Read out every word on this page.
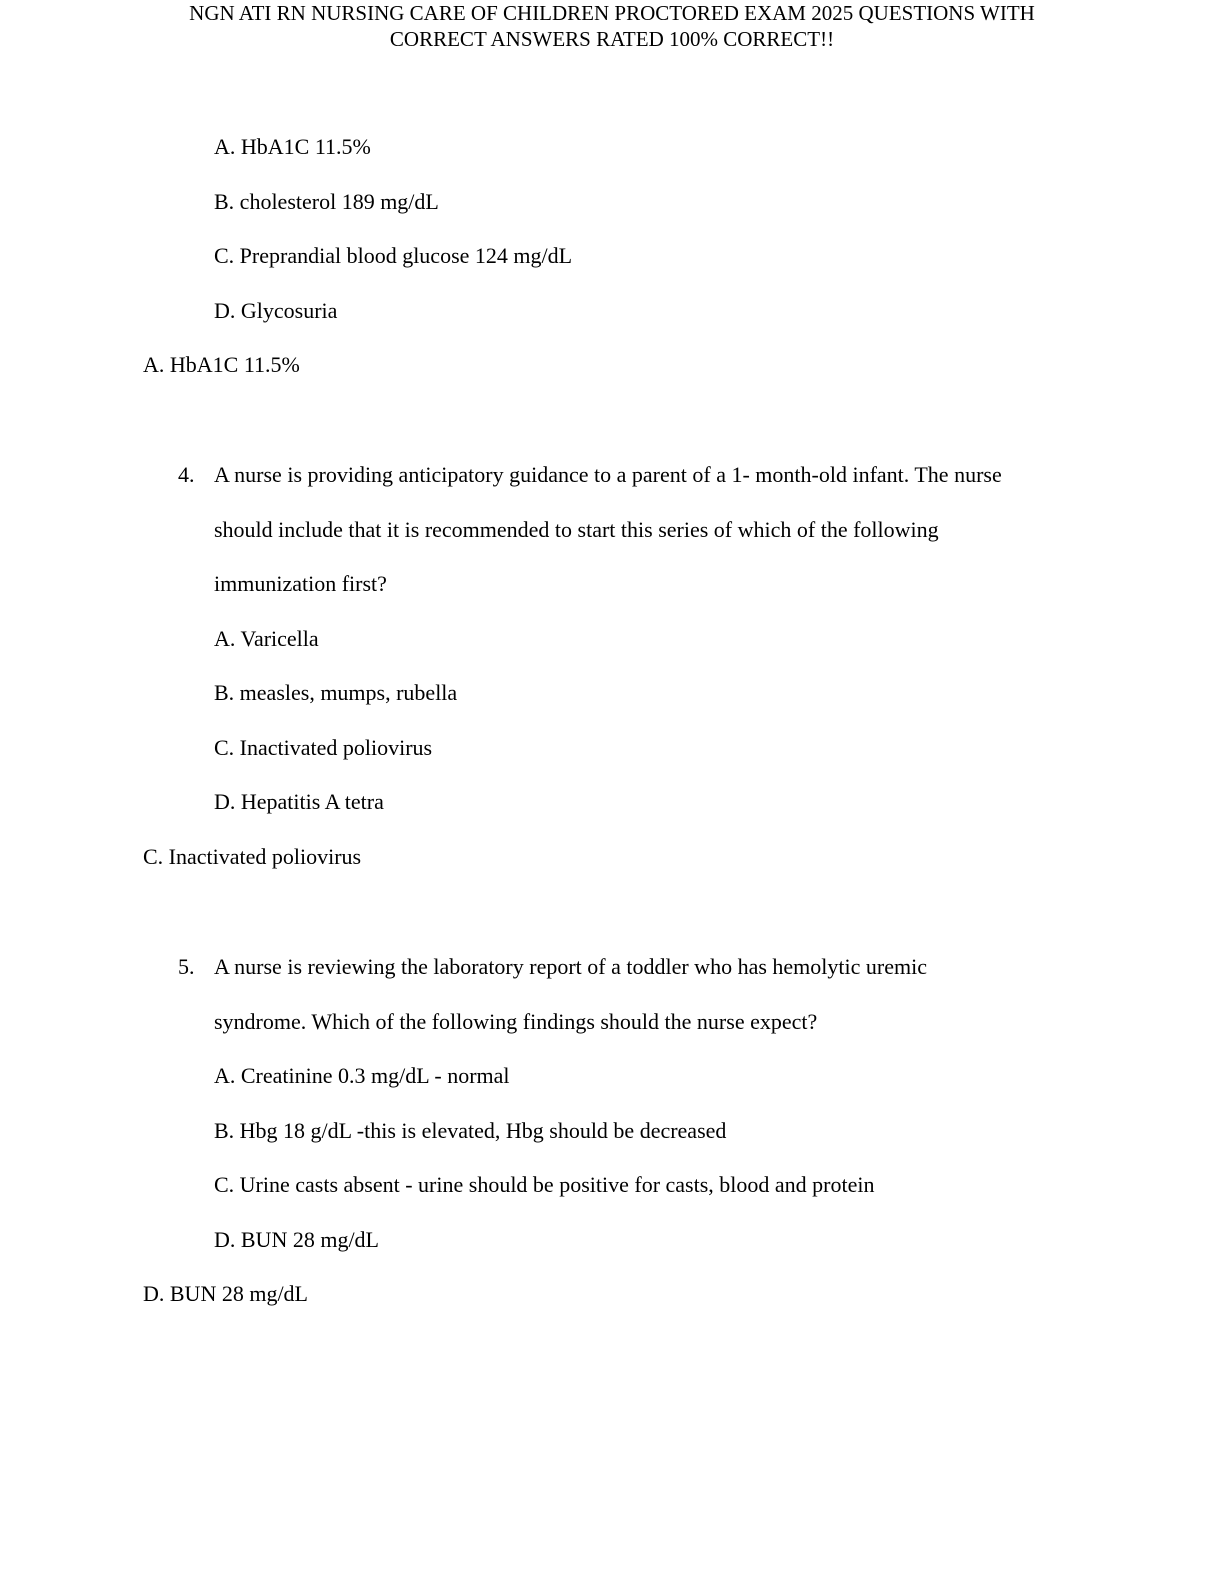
NGN ATI RN NURSING CARE OF CHILDREN PROCTORED EXAM 2025 QUESTIONS WITH
CORRECT ANSWERS RATED 100% CORRECT!!
A. HbA1C 11.5%
B. cholesterol 189 mg/dL
C. Preprandial blood glucose 124 mg/dL
D. Glycosuria
A. HbA1C 11.5%
4. A nurse is providing anticipatory guidance to a parent of a 1- month-old infant. The nurse
should include that it is recommended to start this series of which of the following
immunization first?
A. Varicella
B. measles, mumps, rubella
C. Inactivated poliovirus
D. Hepatitis A tetra
C. Inactivated poliovirus
5. A nurse is reviewing the laboratory report of a toddler who has hemolytic uremic
syndrome. Which of the following findings should the nurse expect?
A. Creatinine 0.3 mg/dL - normal
B. Hbg 18 g/dL -this is elevated, Hbg should be decreased
C. Urine casts absent - urine should be positive for casts, blood and protein
D. BUN 28 mg/dL
D. BUN 28 mg/dL
